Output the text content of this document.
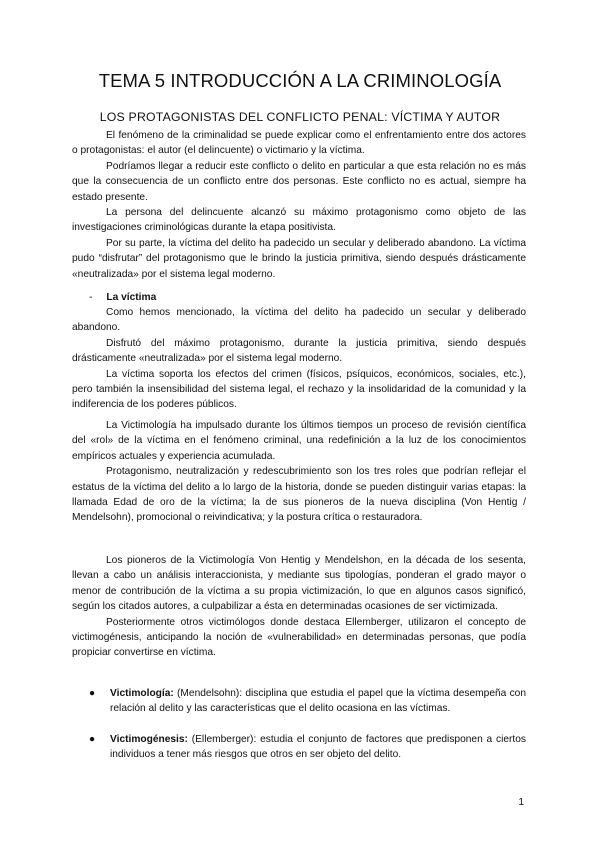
TEMA 5 INTRODUCCIÓN A LA CRIMINOLOGÍA
LOS PROTAGONISTAS DEL CONFLICTO PENAL: VÍCTIMA Y AUTOR

El fenómeno de la criminalidad se puede explicar como el enfrentamiento entre dos actores o protagonistas: el autor (el delincuente) o victimario y la víctima.

Podríamos llegar a reducir este conflicto o delito en particular a que esta relación no es más que la consecuencia de un conflicto entre dos personas. Este conflicto no es actual, siempre ha estado presente.

La persona del delincuente alcanzó su máximo protagonismo como objeto de las investigaciones criminológicas durante la etapa positivista.

Por su parte, la víctima del delito ha padecido un secular y deliberado abandono. La víctima pudo “disfrutar” del protagonismo que le brindo la justicia primitiva, siendo después drásticamente «neutralizada» por el sistema legal moderno.

- La víctima

Como hemos mencionado, la víctima del delito ha padecido un secular y deliberado abandono.

Disfrutó del máximo protagonismo, durante la justicia primitiva, siendo después drásticamente «neutralizada» por el sistema legal moderno.

La víctima soporta los efectos del crimen (físicos, psíquicos, económicos, sociales, etc.), pero también la insensibilidad del sistema legal, el rechazo y la insolidaridad de la comunidad y la indiferencia de los poderes públicos.

La Victimología ha impulsado durante los últimos tiempos un proceso de revisión científica del «rol» de la víctima en el fenómeno criminal, una redefinición a la luz de los conocimientos empíricos actuales y experiencia acumulada.

Protagonismo, neutralización y redescubrimiento son los tres roles que podrían reflejar el estatus de la víctima del delito a lo largo de la historia, donde se pueden distinguir varias etapas: la llamada Edad de oro de la víctima; la de sus pioneros de la nueva disciplina (Von Hentig / Mendelsohn), promocional o reivindicativa; y la postura crítica o restauradora.

Los pioneros de la Victimología Von Hentig y Mendelshon, en la década de los sesenta, llevan a cabo un análisis interaccionista, y mediante sus tipologías, ponderan el grado mayor o menor de contribución de la víctima a su propia victimización, lo que en algunos casos significó, según los citados autores, a culpabilizar a ésta en determinadas ocasiones de ser victimizada.

Posteriormente otros victimólogos donde destaca Ellemberger, utilizaron el concepto de victimogénesis, anticipando la noción de «vulnerabilidad» en determinadas personas, que podía propiciar convertirse en víctima.

● Victimología: (Mendelsohn): disciplina que estudia el papel que la víctima desempeña con relación al delito y las características que el delito ocasiona en las víctimas.
● Victimogénesis: (Ellemberger): estudia el conjunto de factores que predisponen a ciertos individuos a tener más riesgos que otros en ser objeto del delito.
1
